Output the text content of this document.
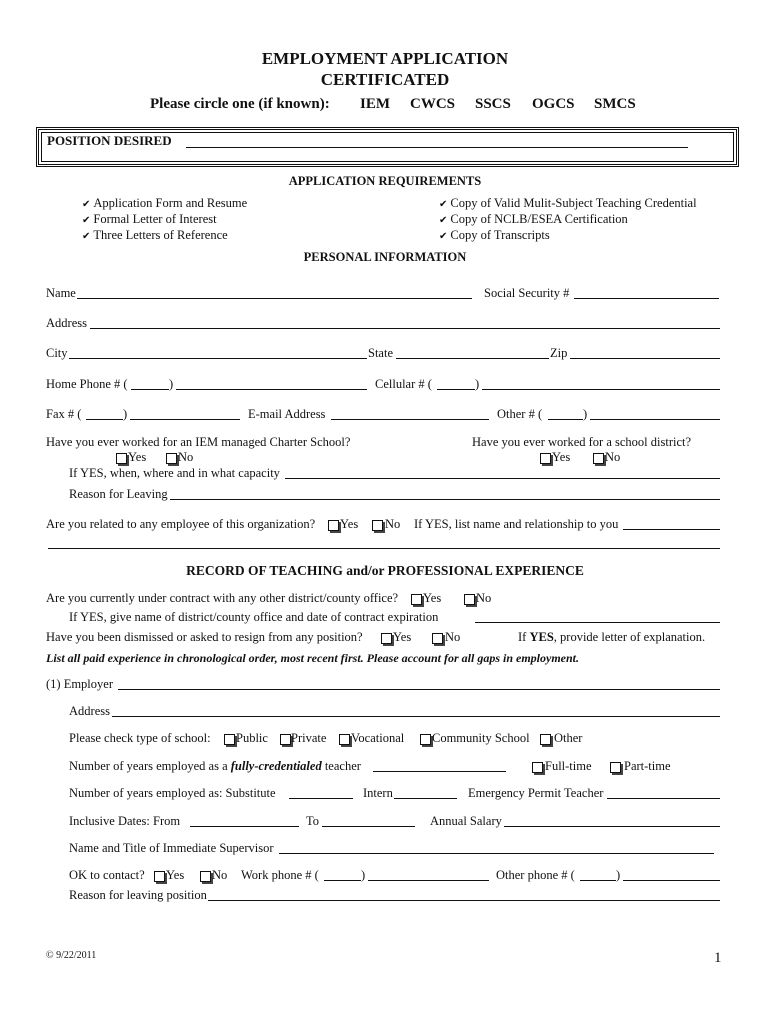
EMPLOYMENT APPLICATION
CERTIFICATED
Please circle one (if known): IEM CWCS SSCS OGCS SMCS
POSITION DESIRED
APPLICATION REQUIREMENTS
✔ Application Form and Resume
✔ Formal Letter of Interest
✔ Three Letters of Reference
✔ Copy of Valid Mulit-Subject Teaching Credential
✔ Copy of NCLB/ESEA Certification
✔ Copy of Transcripts
PERSONAL INFORMATION
Name	Social Security #
Address
City	State	Zip
Home Phone # (	)	Cellular # (	)
Fax # (	)	E-mail Address	Other # (	)
Have you ever worked for an IEM managed Charter School?	Have you ever worked for a school district?
Yes	No	Yes	No
If YES, when, where and in what capacity
Reason for Leaving
Are you related to any employee of this organization? Yes No If YES, list name and relationship to you
RECORD OF TEACHING and/or PROFESSIONAL EXPERIENCE
Are you currently under contract with any other district/county office? Yes	No
If YES, give name of district/county office and date of contract expiration
Have you been dismissed or asked to resign from any position? Yes	No	If YES, provide letter of explanation.
List all paid experience in chronological order, most recent first. Please account for all gaps in employment.
(1) Employer
Address
Please check type of school: Public Private Vocational Community School Other
Number of years employed as a fully-credentialed teacher	Full-time	Part-time
Number of years employed as: Substitute	Intern	Emergency Permit Teacher
Inclusive Dates: From	To	Annual Salary
Name and Title of Immediate Supervisor
OK to contact? Yes No Work phone # (	)	Other phone # (	)
Reason for leaving position
© 9/22/2011	1
